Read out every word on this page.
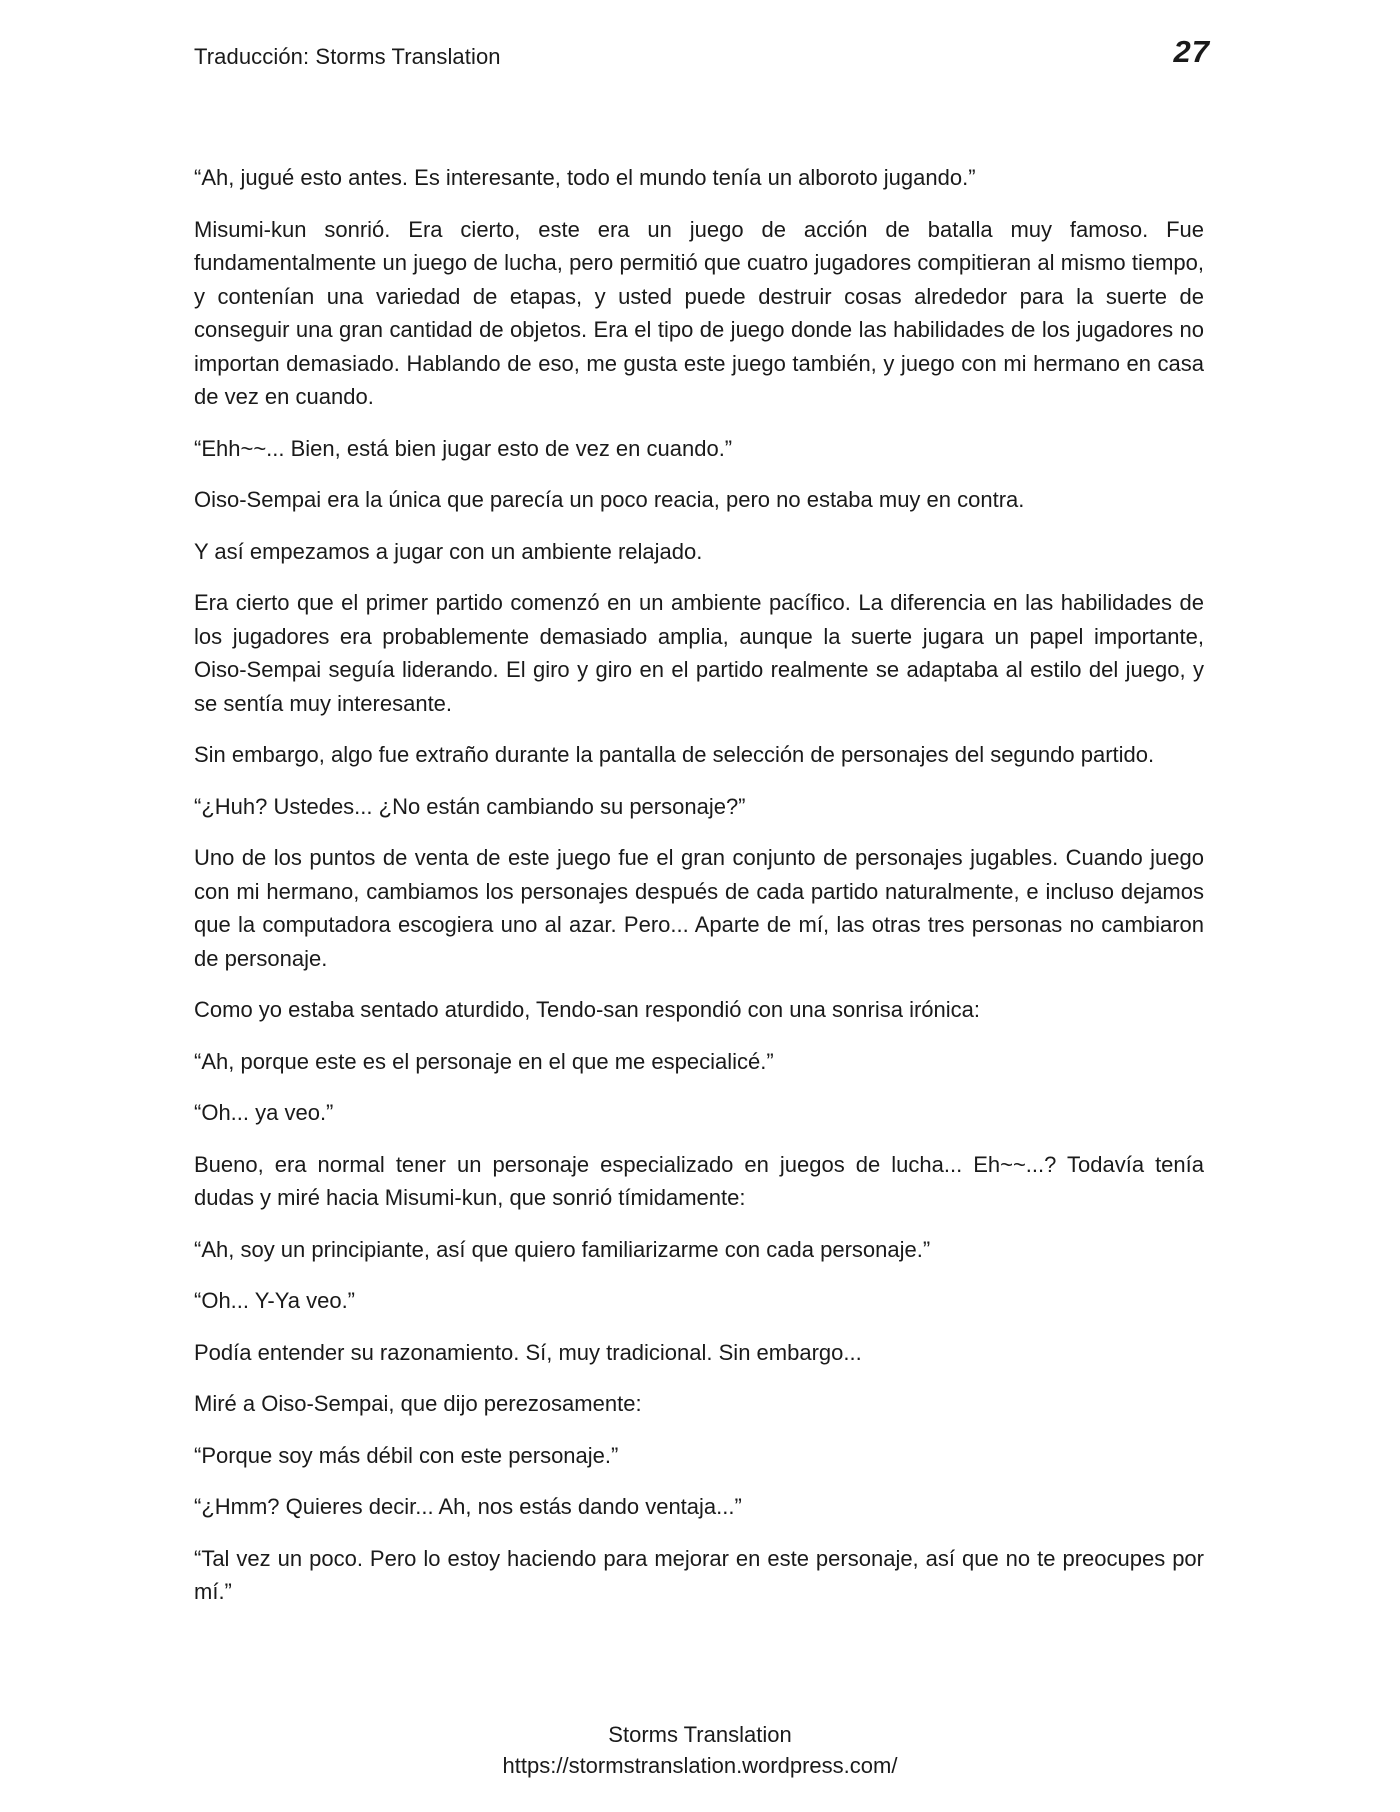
Traducción: Storms Translation	27

“Ah, jugué esto antes. Es interesante, todo el mundo tenía un alboroto jugando.”

Misumi-kun sonrió. Era cierto, este era un juego de acción de batalla muy famoso. Fue fundamentalmente un juego de lucha, pero permitió que cuatro jugadores compitieran al mismo tiempo, y contenían una variedad de etapas, y usted puede destruir cosas alrededor para la suerte de conseguir una gran cantidad de objetos. Era el tipo de juego donde las habilidades de los jugadores no importan demasiado. Hablando de eso, me gusta este juego también, y juego con mi hermano en casa de vez en cuando.

“Ehh~~... Bien, está bien jugar esto de vez en cuando.”

Oiso-Sempai era la única que parecía un poco reacia, pero no estaba muy en contra.

Y así empezamos a jugar con un ambiente relajado.

Era cierto que el primer partido comenzó en un ambiente pacífico. La diferencia en las habilidades de los jugadores era probablemente demasiado amplia, aunque la suerte jugara un papel importante, Oiso-Sempai seguía liderando. El giro y giro en el partido realmente se adaptaba al estilo del juego, y se sentía muy interesante.

Sin embargo, algo fue extraño durante la pantalla de selección de personajes del segundo partido.

“¿Huh? Ustedes... ¿No están cambiando su personaje?”

Uno de los puntos de venta de este juego fue el gran conjunto de personajes jugables. Cuando juego con mi hermano, cambiamos los personajes después de cada partido naturalmente, e incluso dejamos que la computadora escogiera uno al azar. Pero... Aparte de mí, las otras tres personas no cambiaron de personaje.

Como yo estaba sentado aturdido, Tendo-san respondió con una sonrisa irónica:

“Ah, porque este es el personaje en el que me especialicé.”

“Oh... ya veo.”

Bueno, era normal tener un personaje especializado en juegos de lucha... Eh~~...? Todavía tenía dudas y miré hacia Misumi-kun, que sonrió tímidamente:

“Ah, soy un principiante, así que quiero familiarizarme con cada personaje.”

“Oh... Y-Ya veo.”

Podía entender su razonamiento. Sí, muy tradicional. Sin embargo...

Miré a Oiso-Sempai, que dijo perezosamente:

“Porque soy más débil con este personaje.”

“¿Hmm? Quieres decir... Ah, nos estás dando ventaja...”

“Tal vez un poco. Pero lo estoy haciendo para mejorar en este personaje, así que no te preocupes por mí.”

Storms Translation
https://stormstranslation.wordpress.com/
